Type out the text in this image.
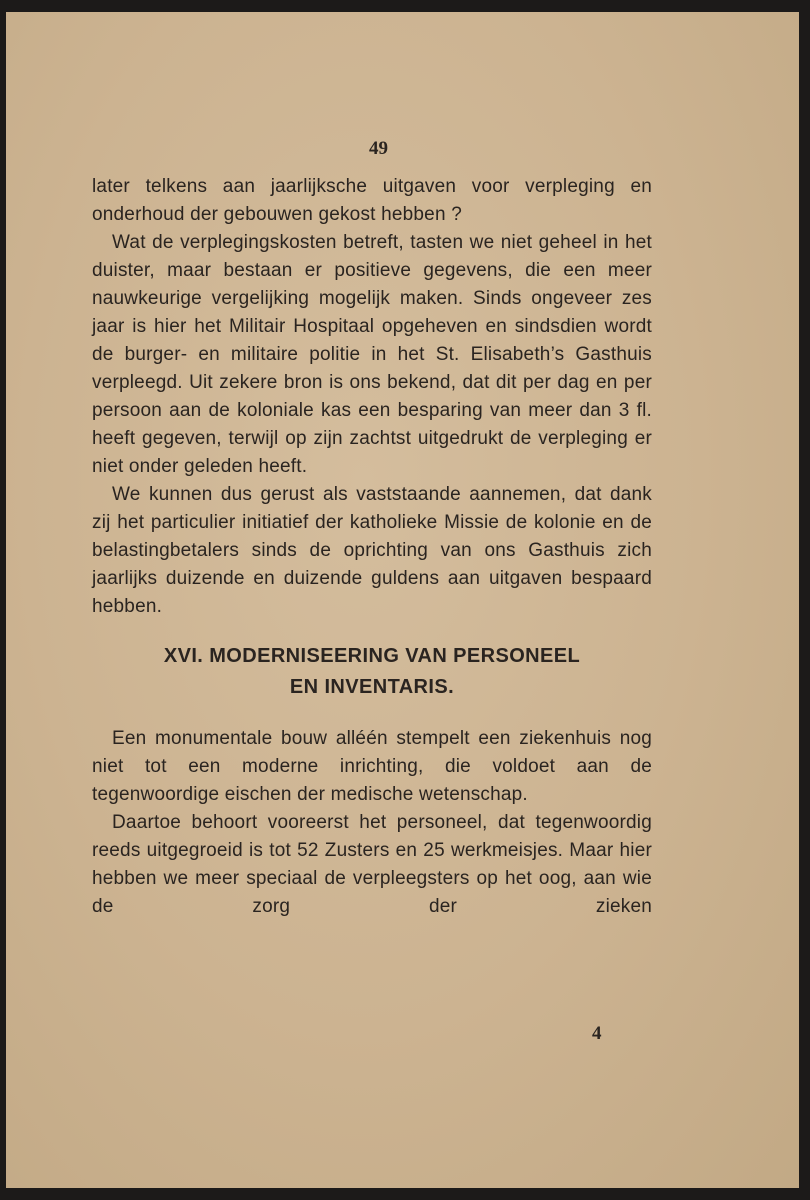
49

later telkens aan jaarlijksche uitgaven voor verpleging en onderhoud der gebouwen gekost hebben ?

Wat de verplegingskosten betreft, tasten we niet geheel in het duister, maar bestaan er positieve gegevens, die een meer nauwkeurige vergelijking mogelijk maken. Sinds ongeveer zes jaar is hier het Militair Hospitaal opgeheven en sindsdien wordt de burger- en militaire politie in het St. Elisabeth’s Gasthuis verpleegd. Uit zekere bron is ons bekend, dat dit per dag en per persoon aan de koloniale kas een besparing van meer dan 3 fl. heeft gegeven, terwijl op zijn zachtst uitgedrukt de verpleging er niet onder geleden heeft.

We kunnen dus gerust als vaststaande aannemen, dat dank zij het particulier initiatief der katholieke Missie de kolonie en de belastingbetalers sinds de oprichting van ons Gasthuis zich jaarlijks duizende en duizende guldens aan uitgaven bespaard hebben.

XVI. MODERNISEERING VAN PERSONEEL
EN INVENTARIS.

Een monumentale bouw alléén stempelt een ziekenhuis nog niet tot een moderne inrichting, die voldoet aan de tegenwoordige eischen der medische wetenschap.

Daartoe behoort vooreerst het personeel, dat tegenwoordig reeds uitgegroeid is tot 52 Zusters en 25 werkmeisjes. Maar hier hebben we meer speciaal de verpleegsters op het oog, aan wie de zorg der zieken

4
